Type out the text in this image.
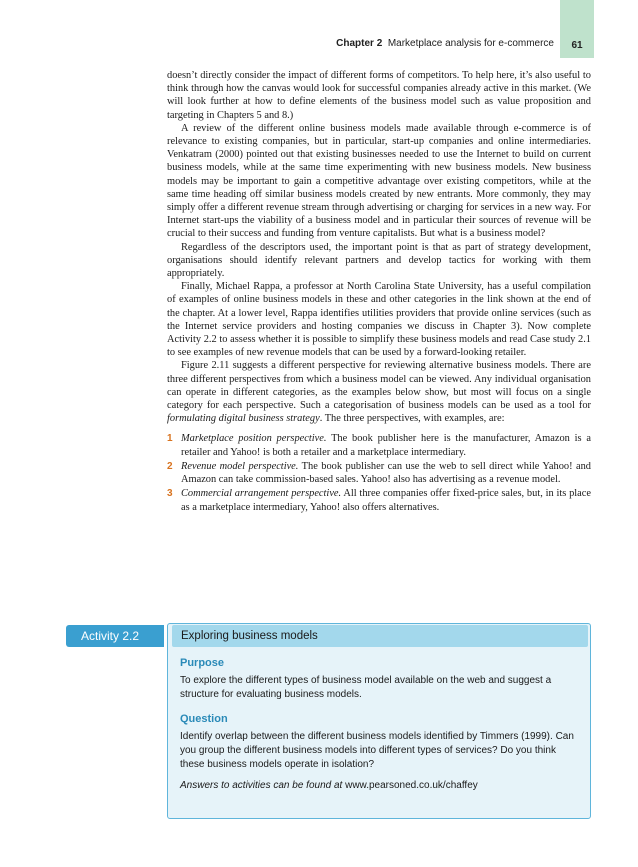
Chapter 2 Marketplace analysis for e-commerce	61

doesn’t directly consider the impact of different forms of competitors. To help here, it’s also useful to think through how the canvas would look for successful companies already active in this market. (We will look further at how to define elements of the business model such as value proposition and targeting in Chapters 5 and 8.)

A review of the different online business models made available through e-commerce is of relevance to existing companies, but in particular, start-up companies and online intermediaries. Venkatram (2000) pointed out that existing businesses needed to use the Internet to build on current business models, while at the same time experimenting with new business models. New business models may be important to gain a competitive advantage over existing competitors, while at the same time heading off similar business models created by new entrants. More commonly, they may simply offer a different revenue stream through advertising or charging for services in a new way. For Internet start-ups the viability of a business model and in particular their sources of revenue will be crucial to their success and funding from venture capitalists. But what is a business model?

Regardless of the descriptors used, the important point is that as part of strategy development, organisations should identify relevant partners and develop tactics for working with them appropriately.

Finally, Michael Rappa, a professor at North Carolina State University, has a useful compilation of examples of online business models in these and other categories in the link shown at the end of the chapter. At a lower level, Rappa identifies utilities providers that provide online services (such as the Internet service providers and hosting companies we discuss in Chapter 3). Now complete Activity 2.2 to assess whether it is possible to simplify these business models and read Case study 2.1 to see examples of new revenue models that can be used by a forward-looking retailer.

Figure 2.11 suggests a different perspective for reviewing alternative business models. There are three different perspectives from which a business model can be viewed. Any individual organisation can operate in different categories, as the examples below show, but most will focus on a single category for each perspective. Such a categorisation of business models can be used as a tool for formulating digital business strategy. The three perspectives, with examples, are:

1 Marketplace position perspective. The book publisher here is the manufacturer, Amazon is a retailer and Yahoo! is both a retailer and a marketplace intermediary.
2 Revenue model perspective. The book publisher can use the web to sell direct while Yahoo! and Amazon can take commission-based sales. Yahoo! also has advertising as a revenue model.
3 Commercial arrangement perspective. All three companies offer fixed-price sales, but, in its place as a marketplace intermediary, Yahoo! also offers alternatives.
Activity 2.2	Exploring business models
Purpose

To explore the different types of business model available on the web and suggest a structure for evaluating business models.

Question

Identify overlap between the different business models identified by Timmers (1999). Can you group the different business models into different types of services? Do you think these business models operate in isolation?

Answers to activities can be found at www.pearsoned.co.uk/chaffey
